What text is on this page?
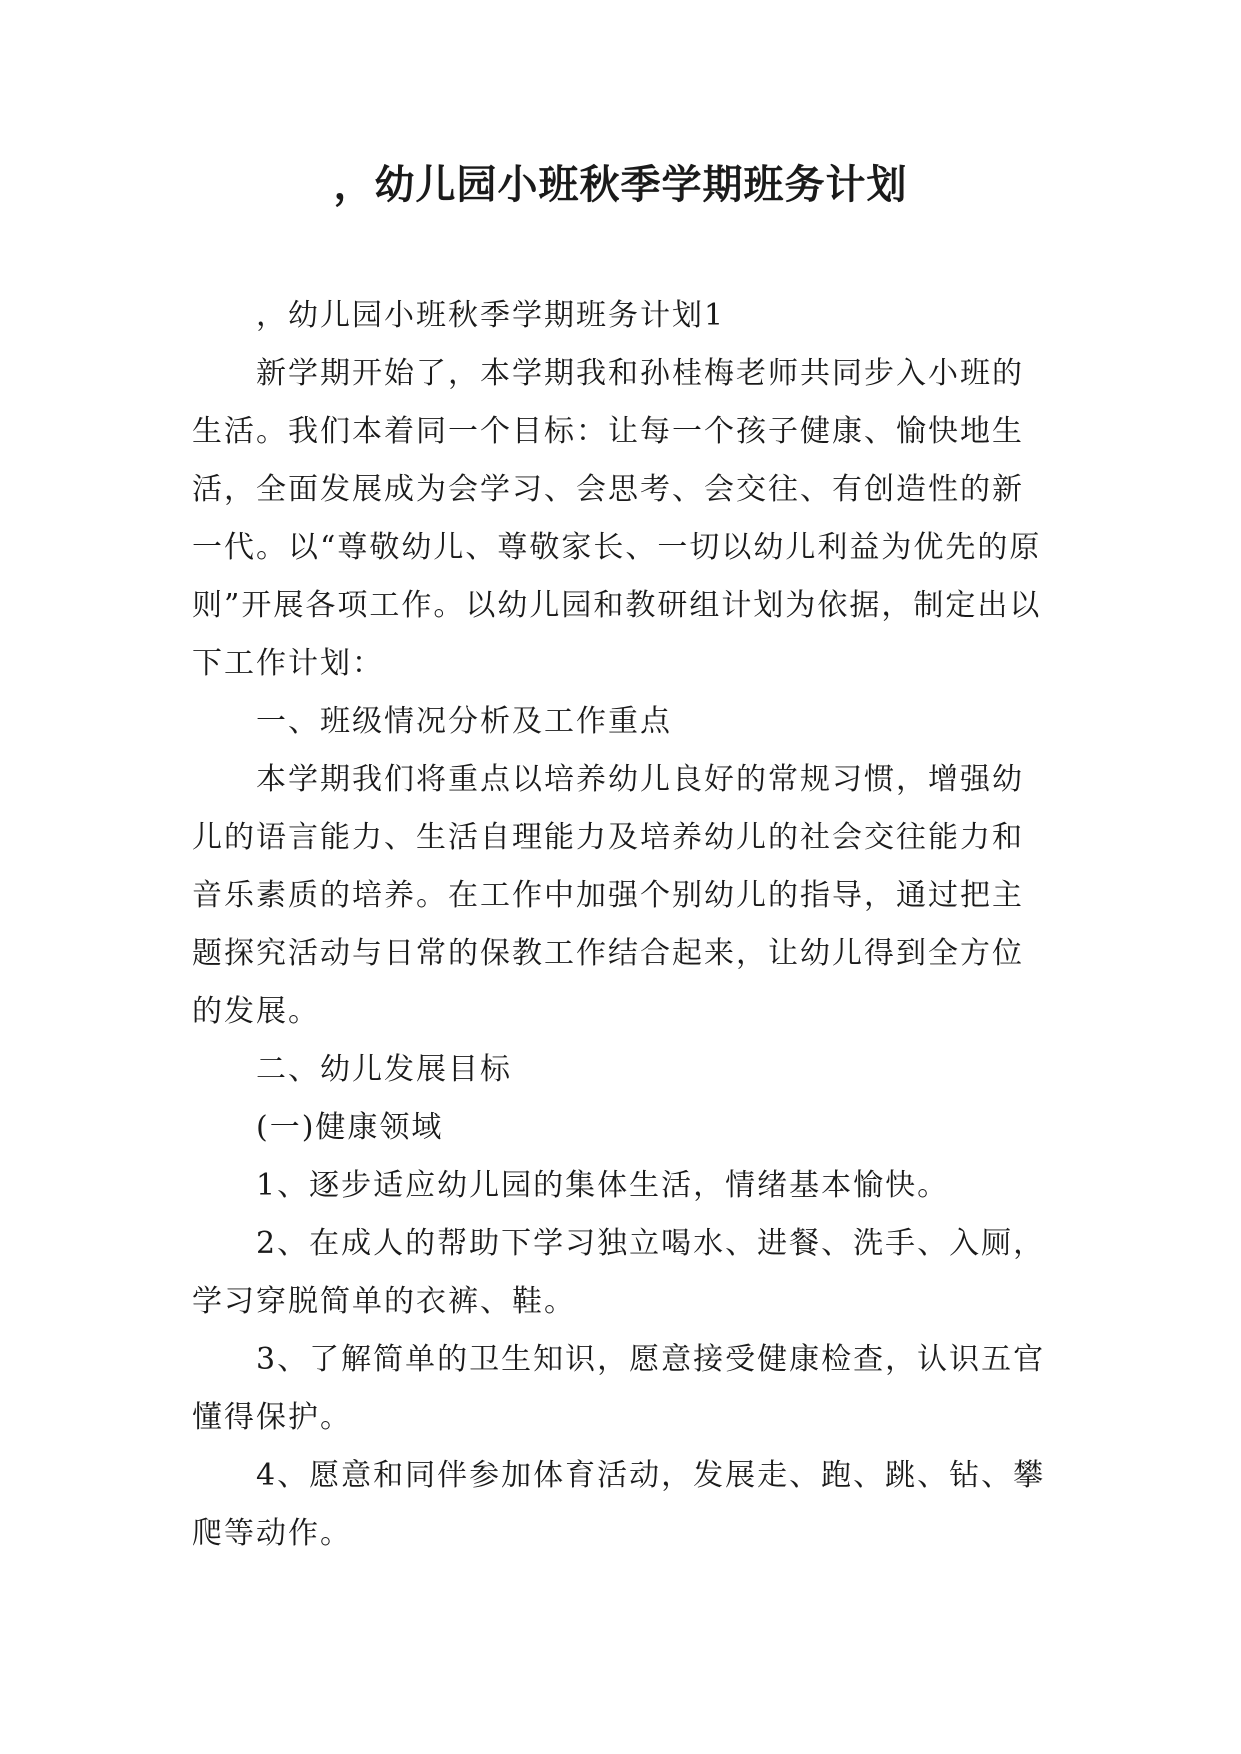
，幼儿园小班秋季学期班务计划

，幼儿园小班秋季学期班务计划1

新学期开始了，本学期我和孙桂梅老师共同步入小班的生活。我们本着同一个目标：让每一个孩子健康、愉快地生活，全面发展成为会学习、会思考、会交往、有创造性的新一代。以“尊敬幼儿、尊敬家长、一切以幼儿利益为优先的原则”开展各项工作。以幼儿园和教研组计划为依据，制定出以下工作计划：

一、班级情况分析及工作重点

本学期我们将重点以培养幼儿良好的常规习惯，增强幼儿的语言能力、生活自理能力及培养幼儿的社会交往能力和音乐素质的培养。在工作中加强个别幼儿的指导，通过把主题探究活动与日常的保教工作结合起来，让幼儿得到全方位的发展。

二、幼儿发展目标

(一)健康领域

1、逐步适应幼儿园的集体生活，情绪基本愉快。

2、在成人的帮助下学习独立喝水、进餐、洗手、入厕，学习穿脱简单的衣裤、鞋。

3、了解简单的卫生知识，愿意接受健康检查，认识五官懂得保护。

4、愿意和同伴参加体育活动，发展走、跑、跳、钻、攀爬等动作。
